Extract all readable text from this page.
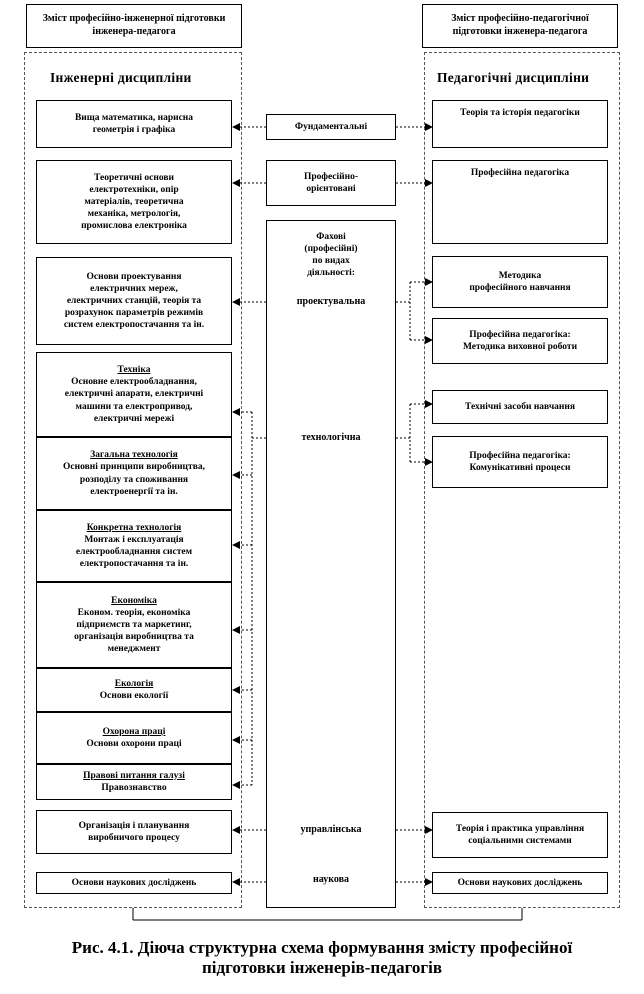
Зміст професійно-інженерної підготовки інженера-педагога
Зміст професійно-педагогічної підготовки інженера-педагога
Інженерні дисципліни	Педагогічні дисципліни
Вища математика, нарисна
геометрія і графіка
Теоретичні основи
електротехніки, опір
матеріалів, теоретична
механіка, метрологія,
промислова електроніка
Основи проектування
електричних мереж,
електричних станцій, теорія та
розрахунок параметрів режимів
систем електропостачання та ін.
Техніка
Основне електрообладнання,
електричні апарати, електричні
машини та електропривод,
електричні мережі
Загальна технологія
Основні принципи виробництва,
розподілу та споживання
електроенергії та ін.
Конкретна технологія
Монтаж і експлуатація
електрообладнання систем
електропостачання та ін.
Економіка
Економ. теорія, економіка
підприємств та маркетинг,
організація виробництва та
менеджмент
Екологія
Основи екології
Охорона праці
Основи охорони праці
Правові питання галузі
Правознавство
Організація і планування
виробничого процесу
Основи наукових досліджень
Фундаментальні
Професійно-
орієнтовані
Фахові
(професійні)
по видах
діяльності:
проектувальна
технологічна
управлінська
наукова
Теорія та історія педагогіки
Професійна педагогіка
Методика
професійного навчання
Професійна педагогіка:
Методика виховної роботи
Технічні засоби навчання
Професійна педагогіка:
Комунікативні процеси
Теорія і практика управління
соціальними системами
Основи наукових досліджень
Рис. 4.1. Діюча структурна схема формування змісту професійної
підготовки інженерів-педагогів
